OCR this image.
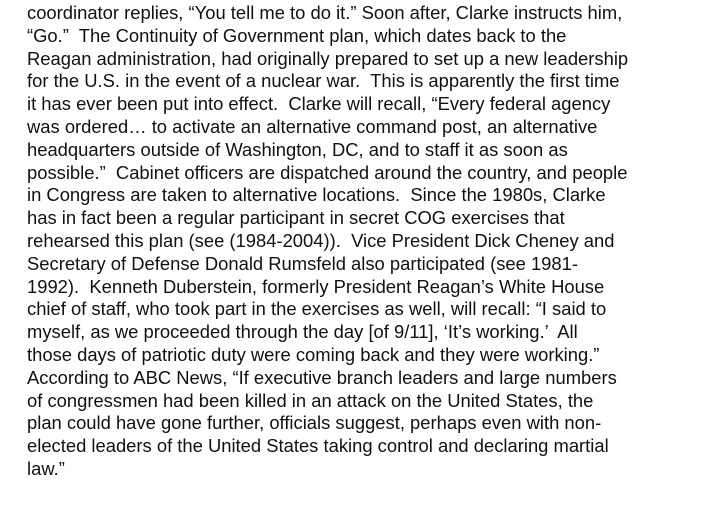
coordinator replies, “You tell me to do it.” Soon after, Clarke instructs him,
“Go.”  The Continuity of Government plan, which dates back to the
Reagan administration, had originally prepared to set up a new leadership
for the U.S. in the event of a nuclear war.  This is apparently the first time
it has ever been put into effect.  Clarke will recall, “Every federal agency
was ordered… to activate an alternative command post, an alternative
headquarters outside of Washington, DC, and to staff it as soon as
possible.”  Cabinet officers are dispatched around the country, and people
in Congress are taken to alternative locations.  Since the 1980s, Clarke
has in fact been a regular participant in secret COG exercises that
rehearsed this plan (see (1984-2004)).  Vice President Dick Cheney and
Secretary of Defense Donald Rumsfeld also participated (see 1981-
1992).  Kenneth Duberstein, formerly President Reagan’s White House
chief of staff, who took part in the exercises as well, will recall: “I said to
myself, as we proceeded through the day [of 9/11], ‘It’s working.’  All
those days of patriotic duty were coming back and they were working.”
According to ABC News, “If executive branch leaders and large numbers
of congressmen had been killed in an attack on the United States, the
plan could have gone further, officials suggest, perhaps even with non-
elected leaders of the United States taking control and declaring martial
law.”
